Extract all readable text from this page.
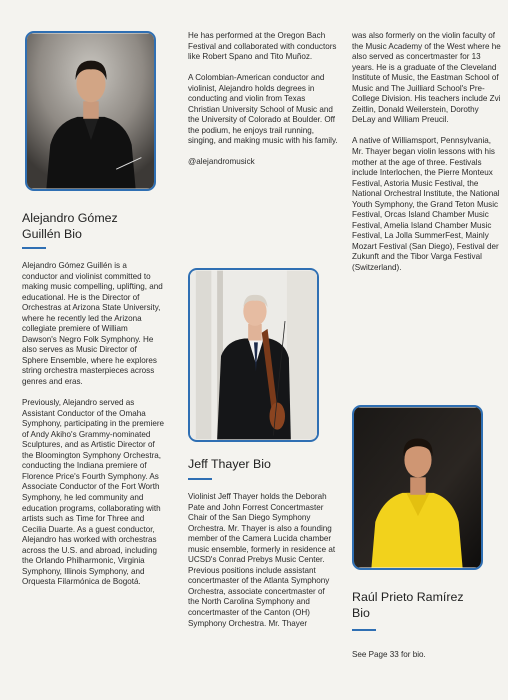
Alejandro Gómez
Guillén Bio

Alejandro Gómez Guillén is a conductor and violinist committed to making music compelling, uplifting, and educational. He is the Director of Orchestras at Arizona State University, where he recently led the Arizona collegiate premiere of William Dawson's Negro Folk Symphony. He also serves as Music Director of Sphere Ensemble, where he explores string orchestra masterpieces across genres and eras.

Previously, Alejandro served as Assistant Conductor of the Omaha Symphony, participating in the premiere of Andy Akiho's Grammy-nominated Sculptures, and as Artistic Director of the Bloomington Symphony Orchestra, conducting the Indiana premiere of Florence Price's Fourth Symphony. As Associate Conductor of the Fort Worth Symphony, he led community and education programs, collaborating with artists such as Time for Three and Cecilia Duarte. As a guest conductor, Alejandro has worked with orchestras across the U.S. and abroad, including the Orlando Philharmonic, Virginia Symphony, Illinois Symphony, and Orquesta Filarmónica de Bogotá.

He has performed at the Oregon Bach Festival and collaborated with conductors like Robert Spano and Tito Muñoz.

A Colombian-American conductor and violinist, Alejandro holds degrees in conducting and violin from Texas Christian University School of Music and the University of Colorado at Boulder. Off the podium, he enjoys trail running, singing, and making music with his family.

@alejandromusick

Jeff Thayer Bio

Violinist Jeff Thayer holds the Deborah Pate and John Forrest Concertmaster Chair of the San Diego Symphony Orchestra. Mr. Thayer is also a founding member of the Camera Lucida chamber music ensemble, formerly in residence at UCSD's Conrad Prebys Music Center. Previous positions include assistant concertmaster of the Atlanta Symphony Orchestra, associate concertmaster of the North Carolina Symphony and concertmaster of the Canton (OH) Symphony Orchestra. Mr. Thayer

was also formerly on the violin faculty of the Music Academy of the West where he also served as concertmaster for 13 years. He is a graduate of the Cleveland Institute of Music, the Eastman School of Music and The Juilliard School's Pre-College Division. His teachers include Zvi Zeitlin, Donald Weilerstein, Dorothy DeLay and William Preucil.

A native of Williamsport, Pennsylvania, Mr. Thayer began violin lessons with his mother at the age of three. Festivals include Interlochen, the Pierre Monteux Festival, Astoria Music Festival, the National Orchestral Institute, the National Youth Symphony, the Grand Teton Music Festival, Orcas Island Chamber Music Festival, Amelia Island Chamber Music Festival, La Jolla SummerFest, Mainly Mozart Festival (San Diego), Festival der Zukunft and the Tibor Varga Festival (Switzerland).

Raúl Prieto Ramírez
Bio

See Page 33 for bio.
